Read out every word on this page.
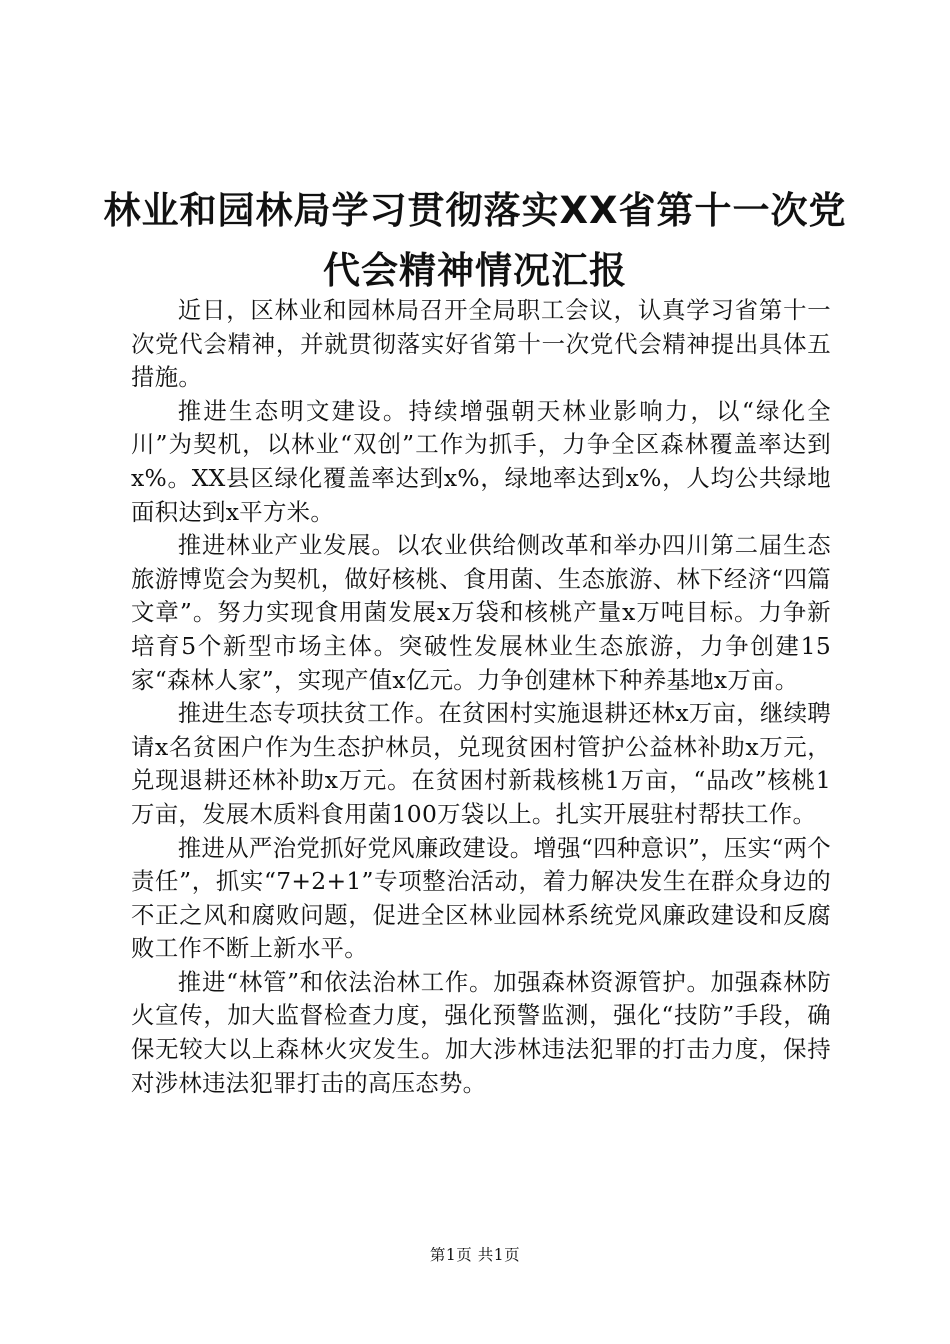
林业和园林局学习贯彻落实XX省第十一次党
代会精神情况汇报

近日，区林业和园林局召开全局职工会议，认真学习省第十一次党代会精神，并就贯彻落实好省第十一次党代会精神提出具体五措施。

推进生态明文建设。持续增强朝天林业影响力，以“绿化全川”为契机，以林业“双创”工作为抓手，力争全区森林覆盖率达到x%。XX县区绿化覆盖率达到x%，绿地率达到x%，人均公共绿地面积达到x平方米。

推进林业产业发展。以农业供给侧改革和举办四川第二届生态旅游博览会为契机，做好核桃、食用菌、生态旅游、林下经济“四篇文章”。努力实现食用菌发展x万袋和核桃产量x万吨目标。力争新培育5个新型市场主体。突破性发展林业生态旅游，力争创建15家“森林人家”，实现产值x亿元。力争创建林下种养基地x万亩。

推进生态专项扶贫工作。在贫困村实施退耕还林x万亩，继续聘请x名贫困户作为生态护林员，兑现贫困村管护公益林补助x万元，兑现退耕还林补助x万元。在贫困村新栽核桃1万亩，“品改”核桃1万亩，发展木质料食用菌100万袋以上。扎实开展驻村帮扶工作。

推进从严治党抓好党风廉政建设。增强“四种意识”，压实“两个责任”，抓实“7+2+1”专项整治活动，着力解决发生在群众身边的不正之风和腐败问题，促进全区林业园林系统党风廉政建设和反腐败工作不断上新水平。

推进“林管”和依法治林工作。加强森林资源管护。加强森林防火宣传，加大监督检查力度，强化预警监测，强化“技防”手段，确保无较大以上森林火灾发生。加大涉林违法犯罪的打击力度，保持对涉林违法犯罪打击的高压态势。

第1页 共1页
